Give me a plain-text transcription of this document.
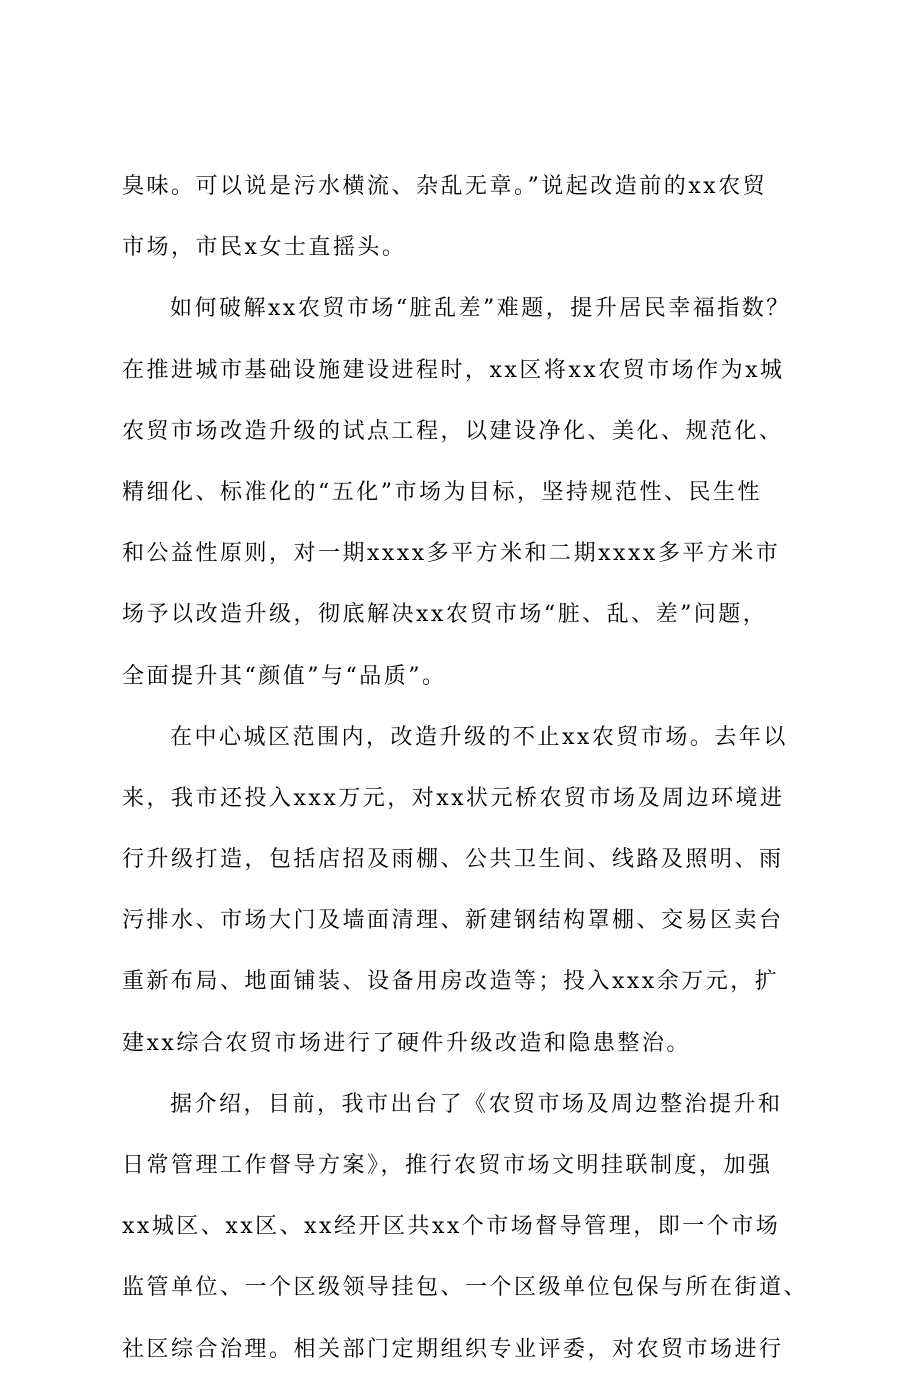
臭味。可以说是污水横流、杂乱无章。”说起改造前的xx农贸

市场，市民x女士直摇头。

如何破解xx农贸市场“脏乱差”难题，提升居民幸福指数？

在推进城市基础设施建设进程时，xx区将xx农贸市场作为x城

农贸市场改造升级的试点工程，以建设净化、美化、规范化、

精细化、标准化的“五化”市场为目标，坚持规范性、民生性

和公益性原则，对一期xxxx多平方米和二期xxxx多平方米市

场予以改造升级，彻底解决xx农贸市场“脏、乱、差”问题，

全面提升其“颜值”与“品质”。

在中心城区范围内，改造升级的不止xx农贸市场。去年以

来，我市还投入xxx万元，对xx状元桥农贸市场及周边环境进

行升级打造，包括店招及雨棚、公共卫生间、线路及照明、雨

污排水、市场大门及墙面清理、新建钢结构罩棚、交易区卖台

重新布局、地面铺装、设备用房改造等；投入xxx余万元，扩

建xx综合农贸市场进行了硬件升级改造和隐患整治。

据介绍，目前，我市出台了《农贸市场及周边整治提升和

日常管理工作督导方案》，推行农贸市场文明挂联制度，加强

xx城区、xx区、xx经开区共xx个市场督导管理，即一个市场

监管单位、一个区级领导挂包、一个区级单位包保与所在街道、

社区综合治理。相关部门定期组织专业评委，对农贸市场进行
